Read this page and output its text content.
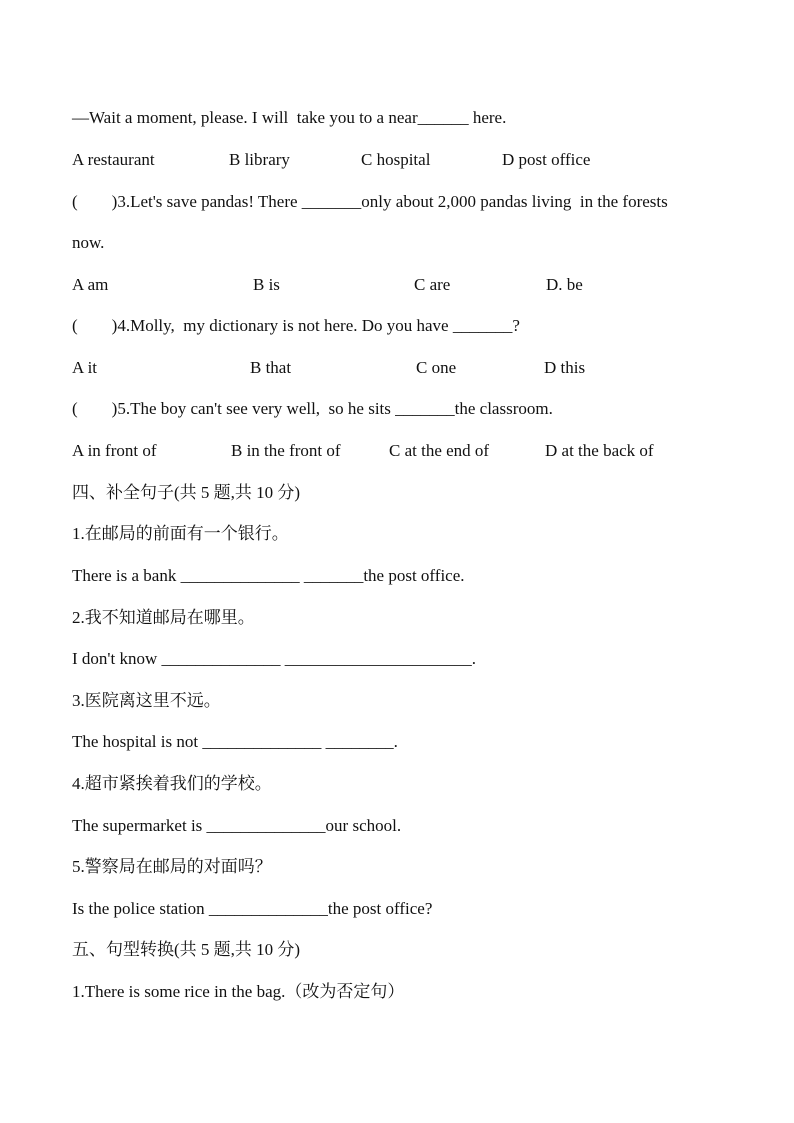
—Wait a moment, please. I will  take you to a near______ here.
A restaurant	B library	C hospital	D post office
(        )3.Let's save pandas! There _______only about 2,000 pandas living  in the forests
now.
A am	B is	C are	D. be
(        )4.Molly,  my dictionary is not here. Do you have _______?
A it	B that	C one	D this
(        )5.The boy can't see very well,  so he sits _______the classroom.
A in front of	B in the front of	C at the end of	D at the back of
四、补全句子(共 5 题,共 10 分)
1.在邮局的前面有一个银行。
There is a bank ______________ _______the post office.
2.我不知道邮局在哪里。
I don't know ______________ ______________________.
3.医院离这里不远。
The hospital is not ______________ ________.
4.超市紧挨着我们的学校。
The supermarket is ______________our school.
5.警察局在邮局的对面吗？
Is the police station ______________the post office?
五、句型转换(共 5 题,共 10 分)
1.There is some rice in the bag.（改为否定句）
